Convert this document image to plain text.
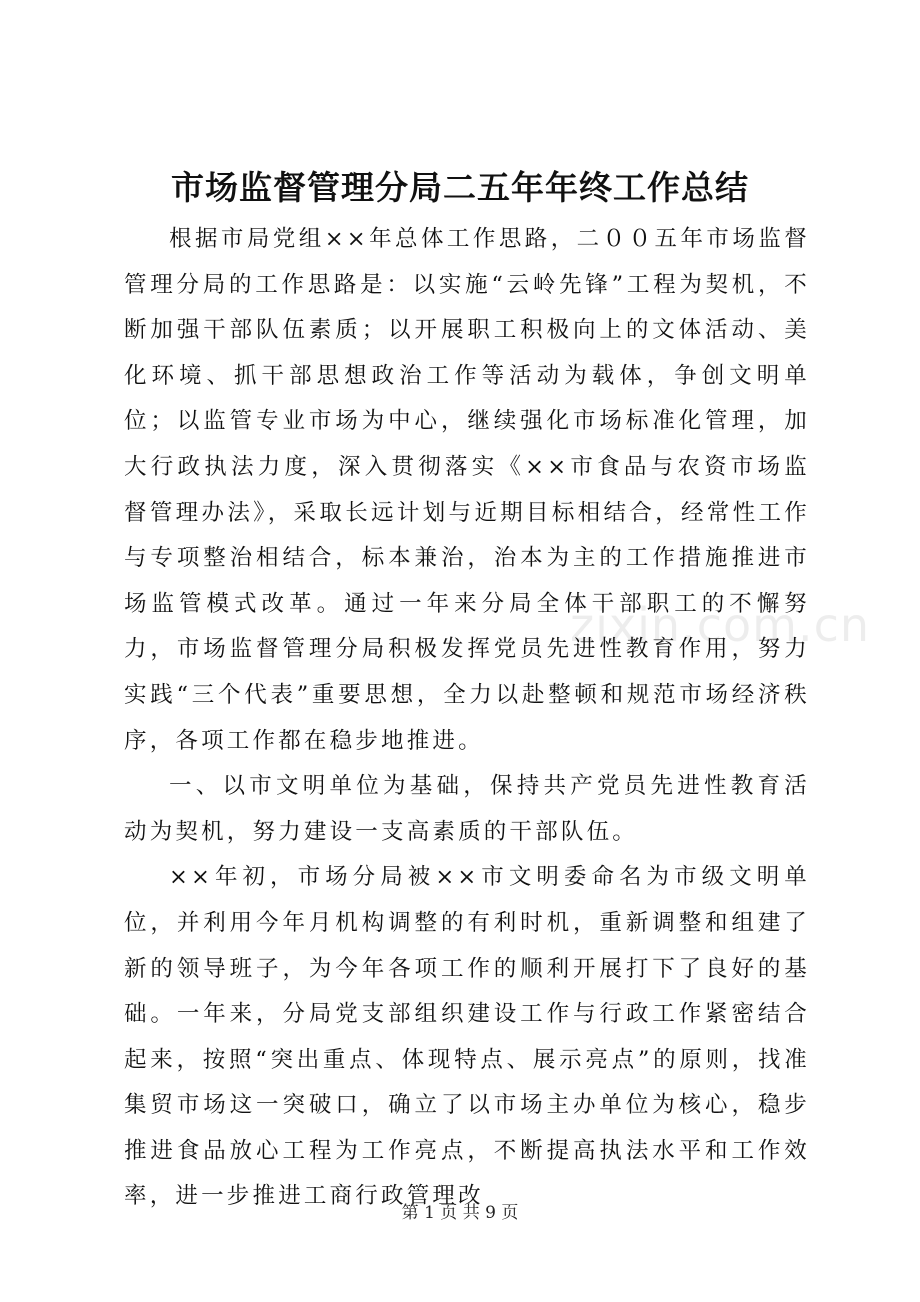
市场监督管理分局二五年年终工作总结

根据市局党组××年总体工作思路，二００五年市场监督管理分局的工作思路是：以实施“云岭先锋”工程为契机，不断加强干部队伍素质；以开展职工积极向上的文体活动、美化环境、抓干部思想政治工作等活动为载体，争创文明单位；以监管专业市场为中心，继续强化市场标准化管理，加大行政执法力度，深入贯彻落实《××市食品与农资市场监督管理办法》，采取长远计划与近期目标相结合，经常性工作与专项整治相结合，标本兼治，治本为主的工作措施推进市场监管模式改革。通过一年来分局全体干部职工的不懈努力，市场监督管理分局积极发挥党员先进性教育作用，努力实践“三个代表”重要思想，全力以赴整顿和规范市场经济秩序，各项工作都在稳步地推进。

一、以市文明单位为基础，保持共产党员先进性教育活动为契机，努力建设一支高素质的干部队伍。

××年初，市场分局被××市文明委命名为市级文明单位，并利用今年月机构调整的有利时机，重新调整和组建了新的领导班子，为今年各项工作的顺利开展打下了良好的基础。一年来，分局党支部组织建设工作与行政工作紧密结合起来，按照“突出重点、体现特点、展示亮点”的原则，找准集贸市场这一突破口，确立了以市场主办单位为核心，稳步推进食品放心工程为工作亮点，不断提高执法水平和工作效率，进一步推进工商行政管理改

zixin.com.cn
第 1 页 共 9 页
